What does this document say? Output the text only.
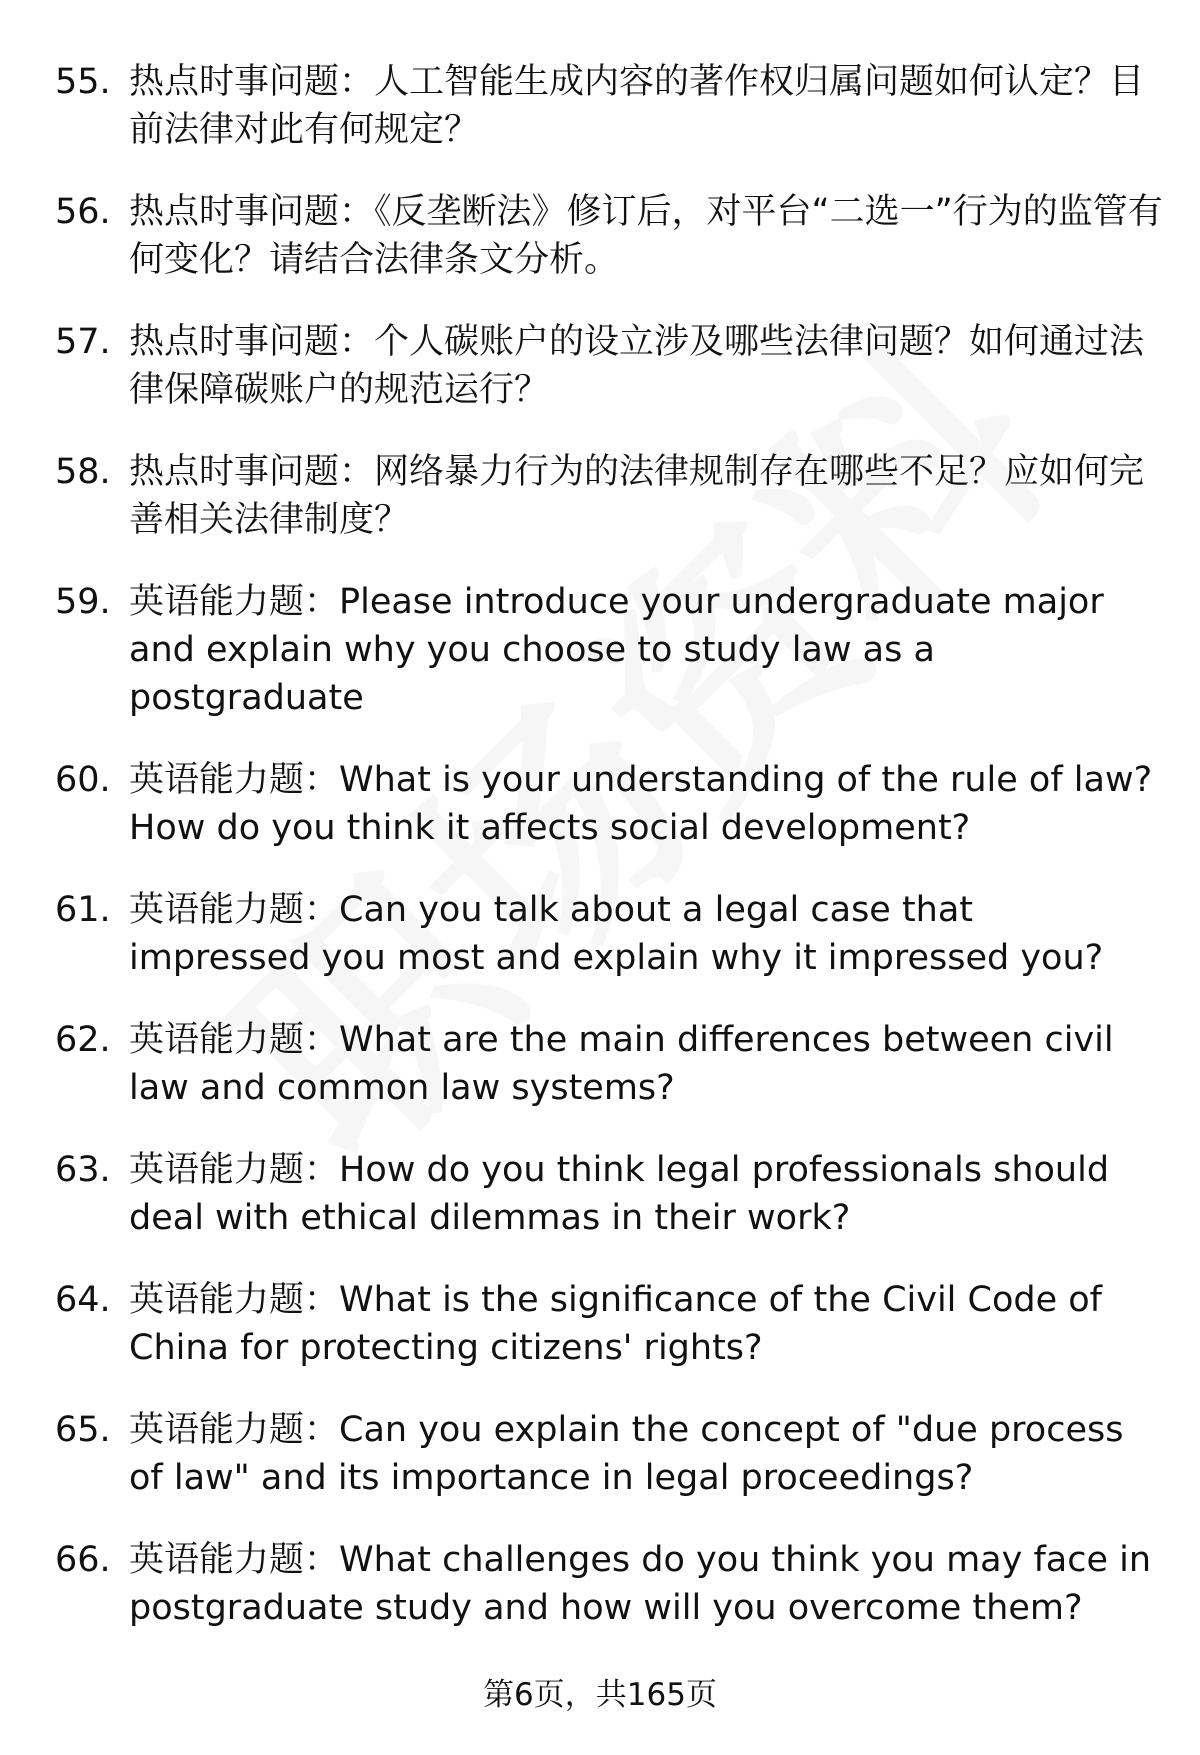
55. 热点时事问题：人工智能生成内容的著作权归属问题如何认定？目前法律对此有何规定？
56. 热点时事问题：《反垄断法》修订后，对平台“二选一”行为的监管有何变化？请结合法律条文分析。
57. 热点时事问题：个人碳账户的设立涉及哪些法律问题？如何通过法律保障碳账户的规范运行？
58. 热点时事问题：网络暴力行为的法律规制存在哪些不足？应如何完善相关法律制度？
59. 英语能力题：Please introduce your undergraduate major and explain why you choose to study law as a postgraduate
60. 英语能力题：What is your understanding of the rule of law? How do you think it affects social development?
61. 英语能力题：Can you talk about a legal case that impressed you most and explain why it impressed you?
62. 英语能力题：What are the main differences between civil law and common law systems?
63. 英语能力题：How do you think legal professionals should deal with ethical dilemmas in their work?
64. 英语能力题：What is the significance of the Civil Code of China for protecting citizens' rights?
65. 英语能力题：Can you explain the concept of "due process of law" and its importance in legal proceedings?
66. 英语能力题：What challenges do you think you may face in postgraduate study and how will you overcome them?
第6页，共165页
